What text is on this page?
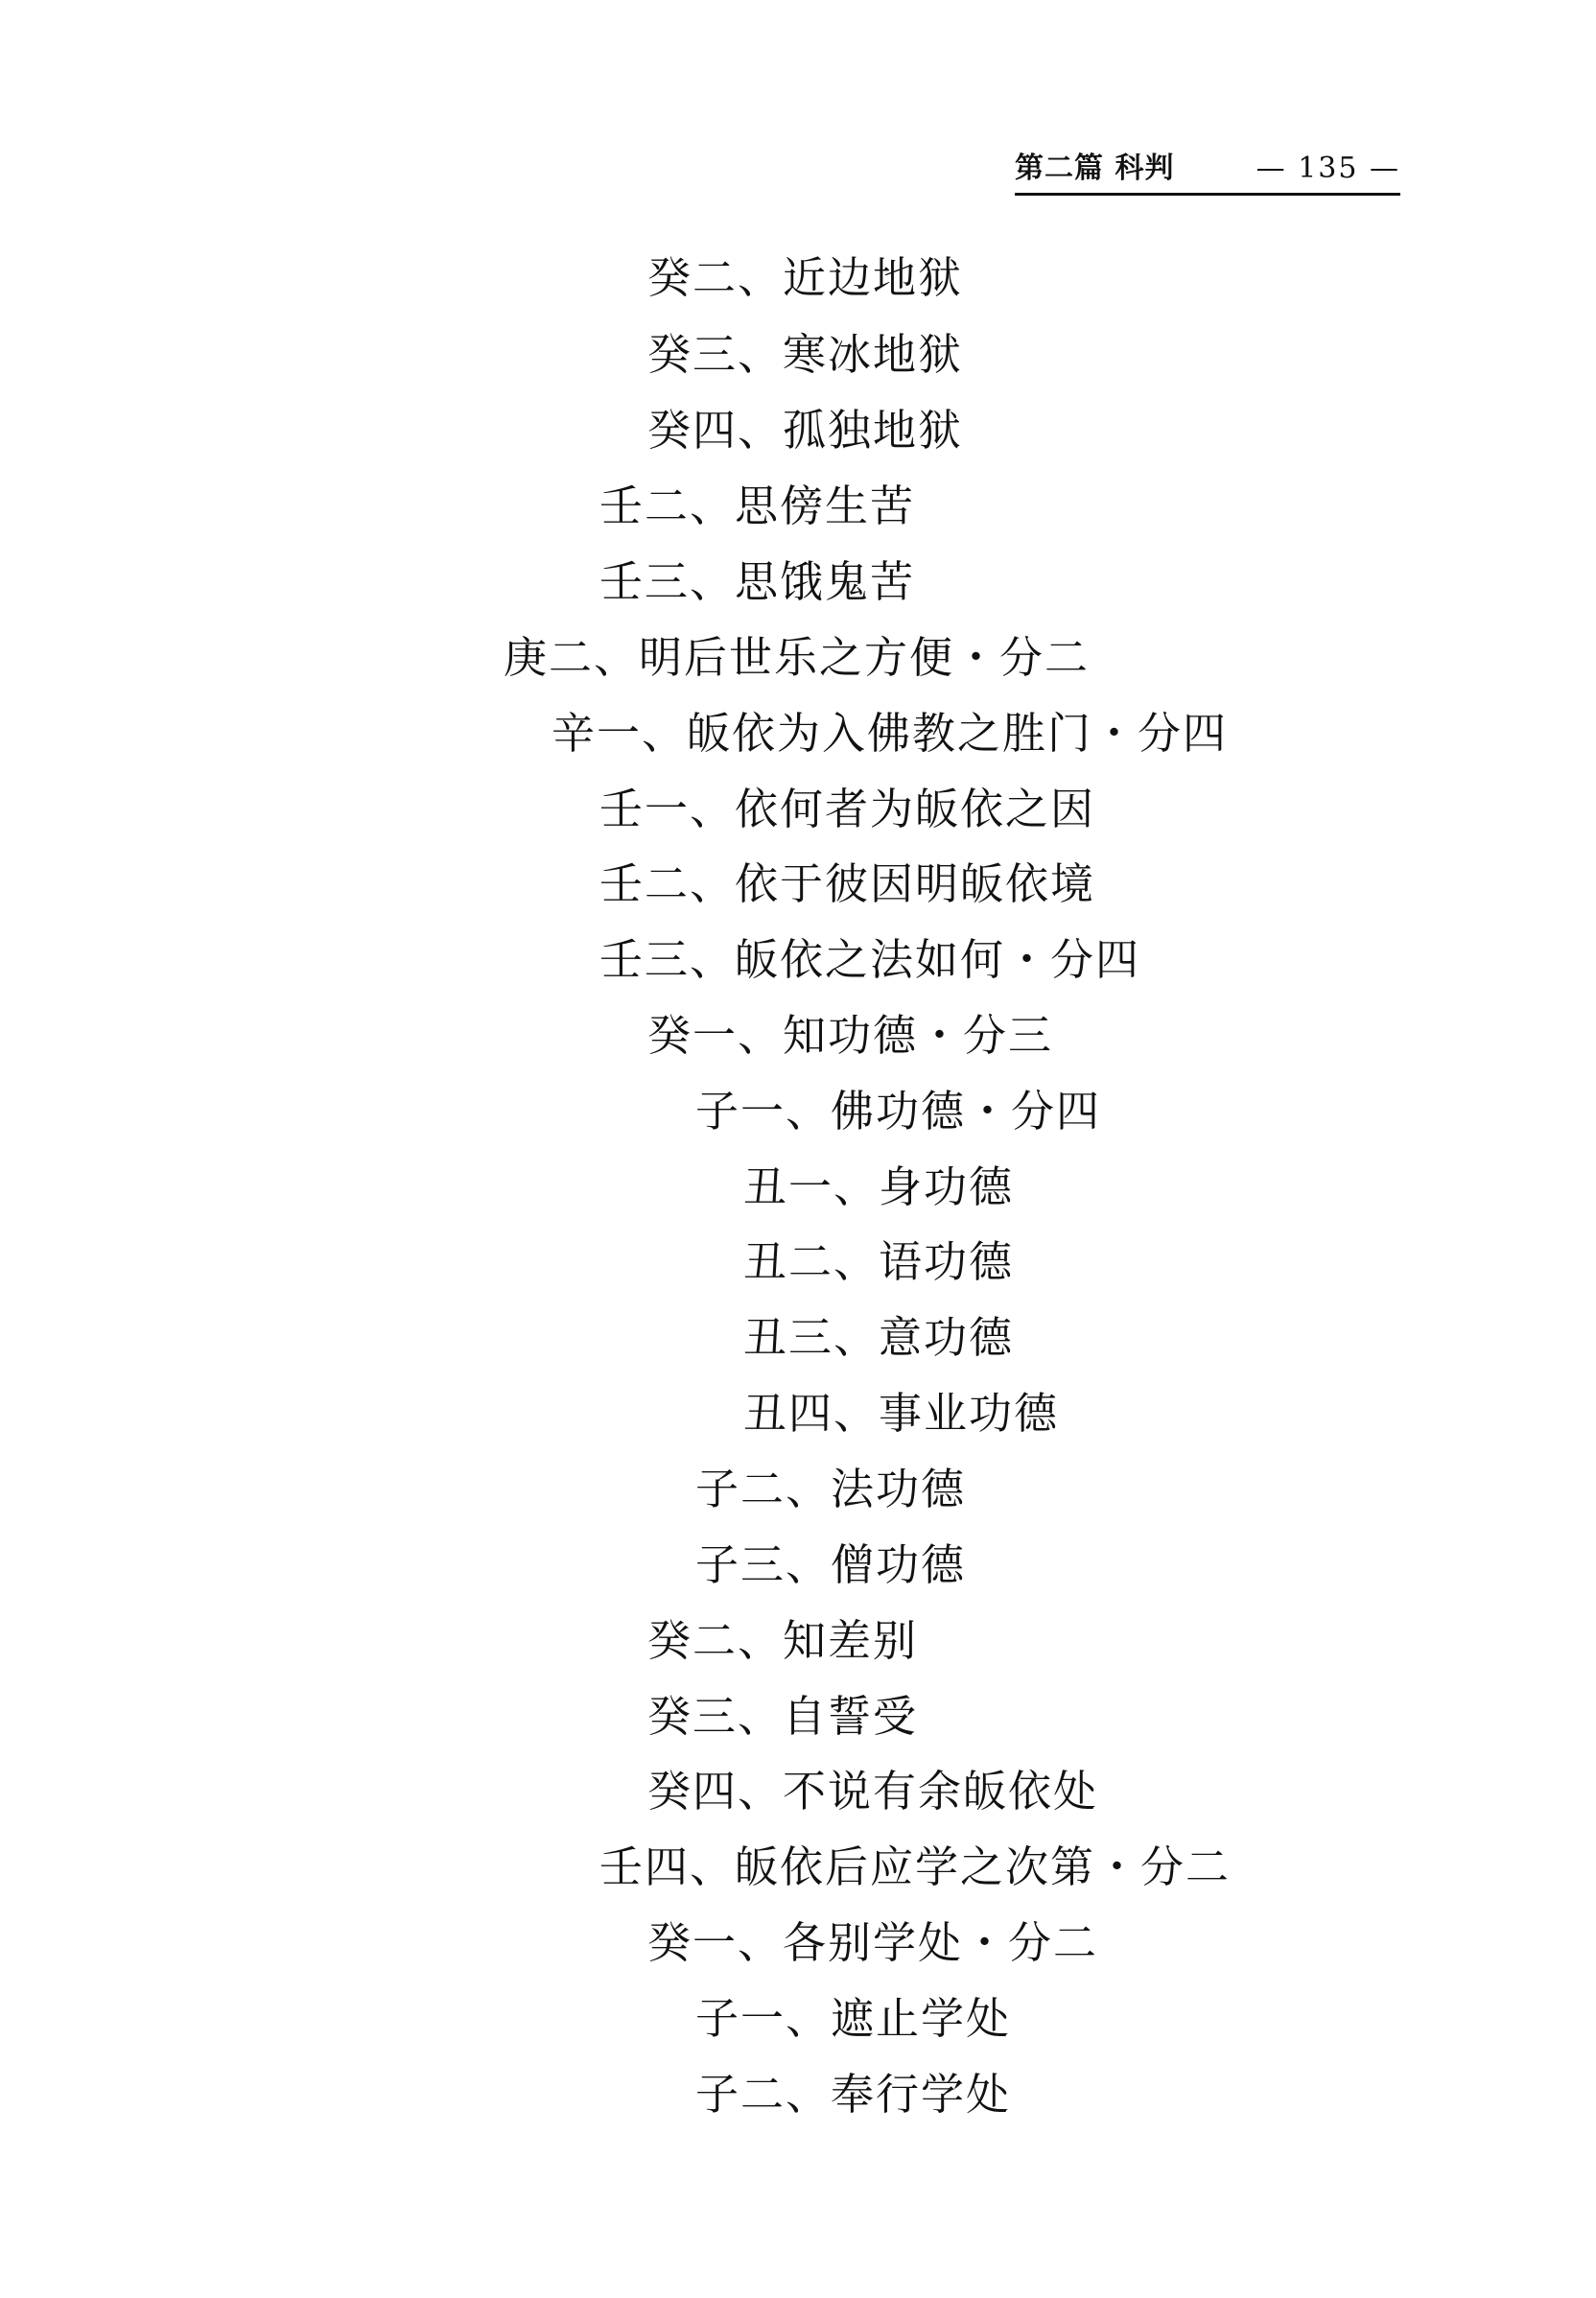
第二篇 科判	— 135 —
癸二、近边地狱
癸三、寒冰地狱
癸四、孤独地狱
壬二、思傍生苦
壬三、思饿鬼苦
庚二、明后世乐之方便・分二
辛一、皈依为入佛教之胜门・分四
壬一、依何者为皈依之因
壬二、依于彼因明皈依境
壬三、皈依之法如何・分四
癸一、知功德・分三
子一、佛功德・分四
丑一、身功德
丑二、语功德
丑三、意功德
丑四、事业功德
子二、法功德
子三、僧功德
癸二、知差别
癸三、自誓受
癸四、不说有余皈依处
壬四、皈依后应学之次第・分二
癸一、各别学处・分二
子一、遮止学处
子二、奉行学处
